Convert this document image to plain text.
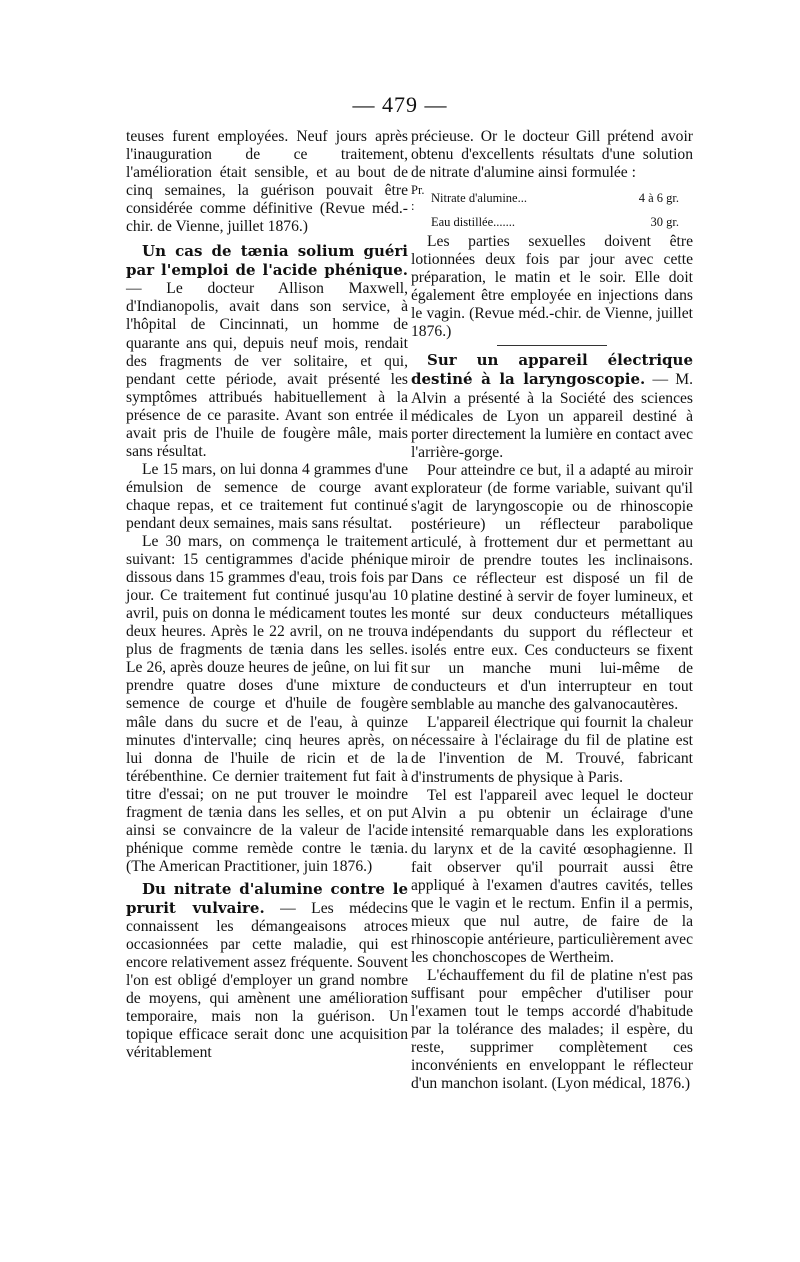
— 479 —

teuses furent employées. Neuf jours après l'inauguration de ce traitement, l'amélioration était sensible, et au bout de cinq semaines, la guérison pouvait être considérée comme définitive (Revue méd.-chir. de Vienne, juillet 1876.)

Un cas de tænia solium guéri par l'emploi de l'acide phénique. — Le docteur Allison Maxwell, d'Indianopolis, avait dans son service, à l'hôpital de Cincinnati, un homme de quarante ans qui, depuis neuf mois, rendait des fragments de ver solitaire, et qui, pendant cette période, avait présenté les symptômes attribués habituellement à la présence de ce parasite. Avant son entrée il avait pris de l'huile de fougère mâle, mais sans résultat.

Le 15 mars, on lui donna 4 grammes d'une émulsion de semence de courge avant chaque repas, et ce traitement fut continué pendant deux semaines, mais sans résultat.

Le 30 mars, on commença le traitement suivant: 15 centigrammes d'acide phénique dissous dans 15 grammes d'eau, trois fois par jour. Ce traitement fut continué jusqu'au 10 avril, puis on donna le médicament toutes les deux heures. Après le 22 avril, on ne trouva plus de fragments de tænia dans les selles. Le 26, après douze heures de jeûne, on lui fit prendre quatre doses d'une mixture de semence de courge et d'huile de fougère mâle dans du sucre et de l'eau, à quinze minutes d'intervalle; cinq heures après, on lui donna de l'huile de ricin et de la térébenthine. Ce dernier traitement fut fait à titre d'essai; on ne put trouver le moindre fragment de tænia dans les selles, et on put ainsi se convaincre de la valeur de l'acide phénique comme remède contre le tænia. (The American Practitioner, juin 1876.)

Du nitrate d'alumine contre le prurit vulvaire. — Les médecins connaissent les démangeaisons atroces occasionnées par cette maladie, qui est encore relativement assez fréquente. Souvent l'on est obligé d'employer un grand nombre de moyens, qui amènent une amélioration temporaire, mais non la guérison. Un topique efficace serait donc une acquisition véritablement

précieuse. Or le docteur Gill prétend avoir obtenu d'excellents résultats d'une solution de nitrate d'alumine ainsi formulée :

Pr. :	Nitrate d'alumine...	4 à 6 gr.
	Eau distillée.......	30 gr.

Les parties sexuelles doivent être lotionnées deux fois par jour avec cette préparation, le matin et le soir. Elle doit également être employée en injections dans le vagin. (Revue méd.-chir. de Vienne, juillet 1876.)

Sur un appareil électrique destiné à la laryngoscopie. — M. Alvin a présenté à la Société des sciences médicales de Lyon un appareil destiné à porter directement la lumière en contact avec l'arrière-gorge.

Pour atteindre ce but, il a adapté au miroir explorateur (de forme variable, suivant qu'il s'agit de laryngoscopie ou de rhinoscopie postérieure) un réflecteur parabolique articulé, à frottement dur et permettant au miroir de prendre toutes les inclinaisons. Dans ce réflecteur est disposé un fil de platine destiné à servir de foyer lumineux, et monté sur deux conducteurs métalliques indépendants du support du réflecteur et isolés entre eux. Ces conducteurs se fixent sur un manche muni lui-même de conducteurs et d'un interrupteur en tout semblable au manche des galvanocautères.

L'appareil électrique qui fournit la chaleur nécessaire à l'éclairage du fil de platine est de l'invention de M. Trouvé, fabricant d'instruments de physique à Paris.

Tel est l'appareil avec lequel le docteur Alvin a pu obtenir un éclairage d'une intensité remarquable dans les explorations du larynx et de la cavité œsophagienne. Il fait observer qu'il pourrait aussi être appliqué à l'examen d'autres cavités, telles que le vagin et le rectum. Enfin il a permis, mieux que nul autre, de faire de la rhinoscopie antérieure, particulièrement avec les chonchoscopes de Wertheim.

L'échauffement du fil de platine n'est pas suffisant pour empêcher d'utiliser pour l'examen tout le temps accordé d'habitude par la tolérance des malades; il espère, du reste, supprimer complètement ces inconvénients en enveloppant le réflecteur d'un manchon isolant. (Lyon médical, 1876.)
